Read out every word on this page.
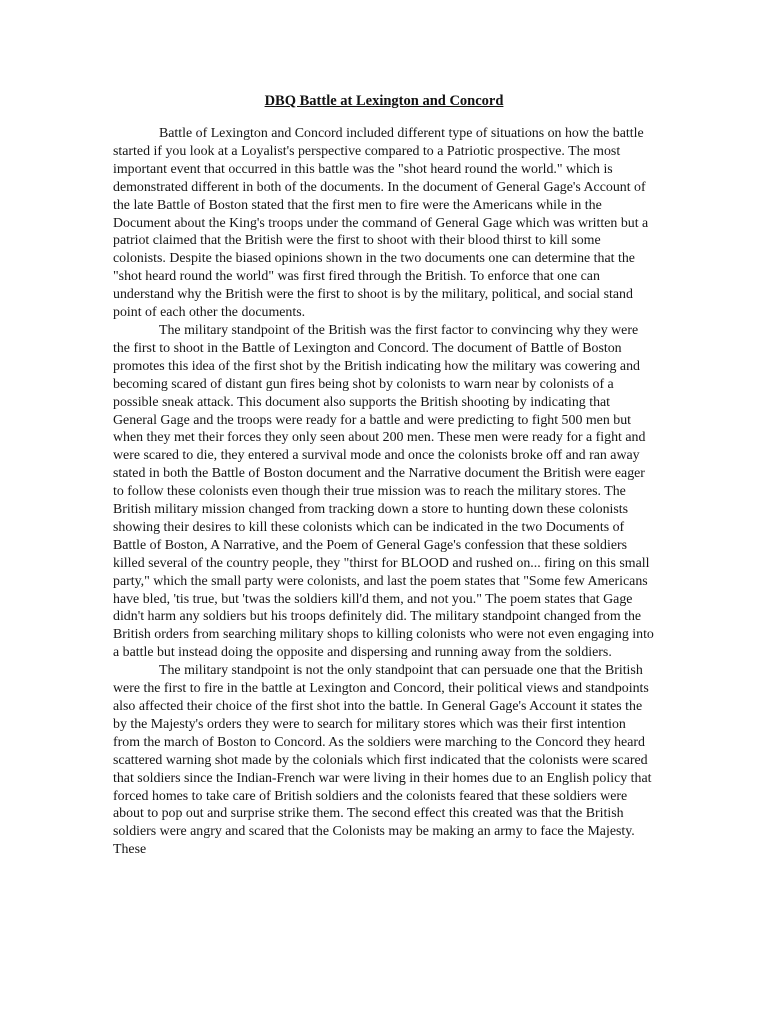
DBQ Battle at Lexington and Concord

Battle of Lexington and Concord included different type of situations on how the battle started if you look at a Loyalist's perspective compared to a Patriotic prospective. The most important event that occurred in this battle was the "shot heard round the world." which is demonstrated different in both of the documents. In the document of General Gage's Account of the late Battle of Boston stated that the first men to fire were the Americans while in the Document about the King's troops under the command of General Gage which was written but a patriot claimed that the British were the first to shoot with their blood thirst to kill some colonists. Despite the biased opinions shown in the two documents one can determine that the "shot heard round the world" was first fired through the British. To enforce that one can understand why the British were the first to shoot is by the military, political, and social stand point of each other the documents.

The military standpoint of the British was the first factor to convincing why they were the first to shoot in the Battle of Lexington and Concord. The document of Battle of Boston promotes this idea of the first shot by the British indicating how the military was cowering and becoming scared of distant gun fires being shot by colonists to warn near by colonists of a possible sneak attack. This document also supports the British shooting by indicating that General Gage and the troops were ready for a battle and were predicting to fight 500 men but when they met their forces they only seen about 200 men. These men were ready for a fight and were scared to die, they entered a survival mode and once the colonists broke off and ran away stated in both the Battle of Boston document and the Narrative document the British were eager to follow these colonists even though their true mission was to reach the military stores. The British military mission changed from tracking down a store to hunting down these colonists showing their desires to kill these colonists which can be indicated in the two Documents of Battle of Boston, A Narrative, and the Poem of General Gage's confession that these soldiers killed several of the country people, they "thirst for BLOOD and rushed on... firing on this small party," which the small party were colonists, and last the poem states that "Some few Americans have bled, 'tis true, but 'twas the soldiers kill'd them, and not you." The poem states that Gage didn't harm any soldiers but his troops definitely did. The military standpoint changed from the British orders from searching military shops to killing colonists who were not even engaging into a battle but instead doing the opposite and dispersing and running away from the soldiers.

The military standpoint is not the only standpoint that can persuade one that the British were the first to fire in the battle at Lexington and Concord, their political views and standpoints also affected their choice of the first shot into the battle. In General Gage's Account it states the by the Majesty's orders they were to search for military stores which was their first intention from the march of Boston to Concord. As the soldiers were marching to the Concord they heard scattered warning shot made by the colonials which first indicated that the colonists were scared that soldiers since the Indian-French war were living in their homes due to an English policy that forced homes to take care of British soldiers and the colonists feared that these soldiers were about to pop out and surprise strike them. The second effect this created was that the British soldiers were angry and scared that the Colonists may be making an army to face the Majesty. These
